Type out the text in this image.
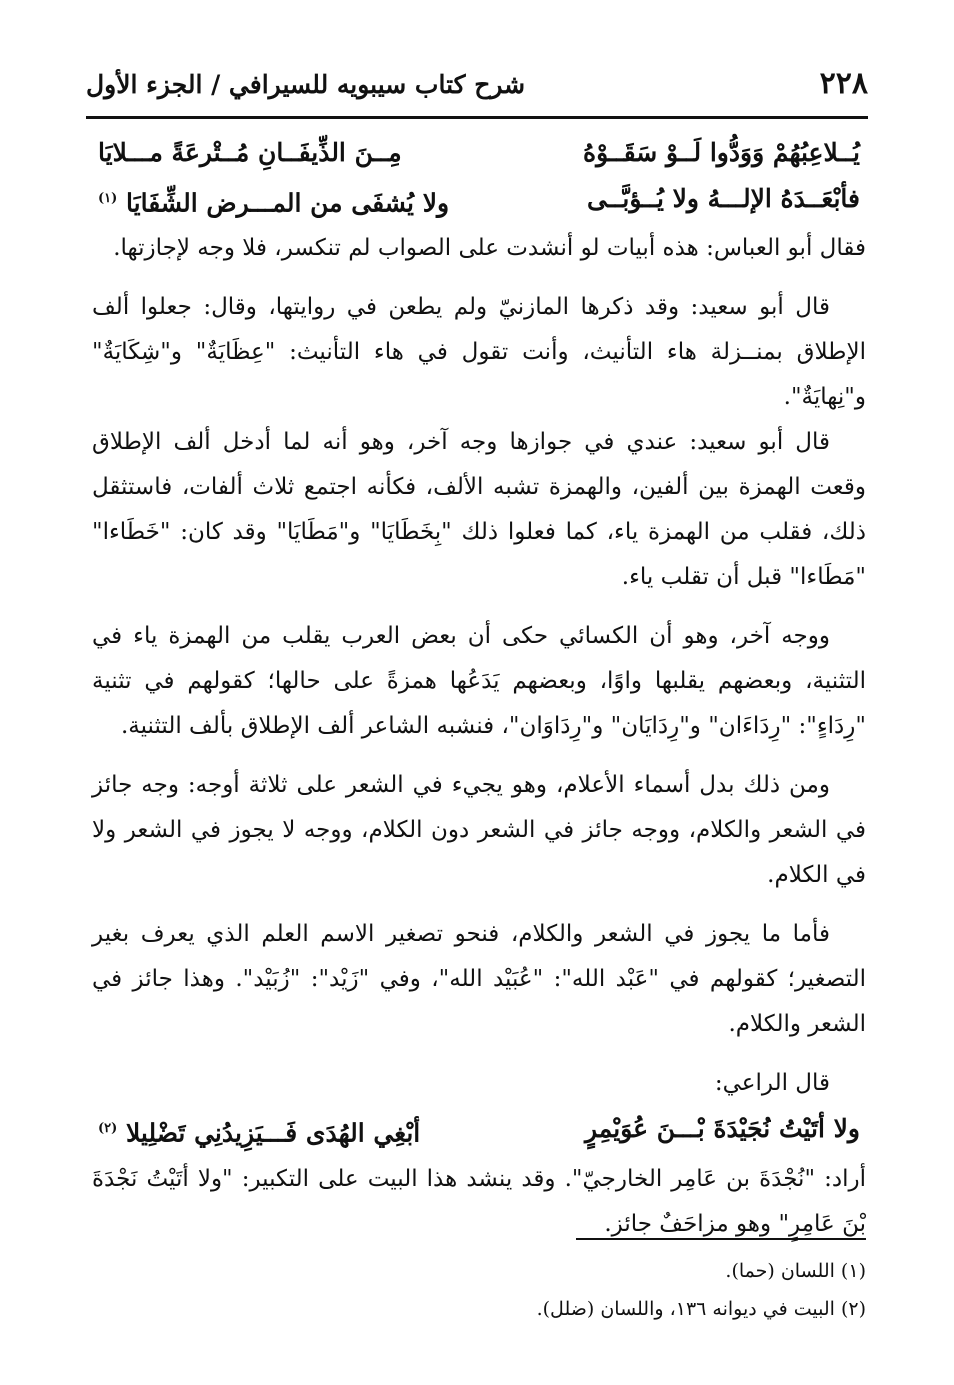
٢٢٨
شرح كتاب سيبويه للسيرافي / الجزء الأول
يُــلاعِبُهُمْ وَوَدُّوا لَــوْ سَقَــوْهُ
مِــنَ الذِّيفَــانِ مُــتْرعَةً مـــلايَا
فأبْعَــدَهُ الإلـــهُ ولا يُــؤبَّــى
ولا يُشفَى من المـــرض الشِّفَايَا $^{(١)}$

فقال أبو العباس: هذه أبيات لو أنشدت على الصواب لم تنكسر، فلا وجه لإجازتها.

قال أبو سعيد: وقد ذكرها المازنيّ ولم يطعن في روايتها، وقال: جعلوا ألف الإطلاق بمنــزلة هاء التأنيث، وأنت تقول في هاء التأنيث: "عِظَايَةٌ" و"شِكَايَةٌ" و"نِهايَةٌ".

قال أبو سعيد: عندي في جوازها وجه آخر، وهو أنه لما أدخل ألف الإطلاق وقعت الهمزة بين ألفين، والهمزة تشبه الألف، فكأنه اجتمع ثلاث ألفات، فاستثقل ذلك، فقلب من الهمزة ياء، كما فعلوا ذلك "بِخَطَايَا" و"مَطَايَا" وقد كان: "خَطَاءا" "مَطَاءا" قبل أن تقلب ياء.

ووجه آخر، وهو أن الكسائي حكى أن بعض العرب يقلب من الهمزة ياء في التثنية، وبعضهم يقلبها واوًا، وبعضهم يَدَعُها همزةً على حالها؛ كقولهم في تثنية "رِدَاءٍ": "رِدَاءَان" و"رِدَايَان" و"رِدَاوَان"، فنشبه الشاعر ألف الإطلاق بألف التثنية.

ومن ذلك بدل أسماء الأعلام، وهو يجيء في الشعر على ثلاثة أوجه: وجه جائز في الشعر والكلام، ووجه جائز في الشعر دون الكلام، ووجه لا يجوز في الشعر ولا في الكلام.

فأما ما يجوز في الشعر والكلام، فنحو تصغير الاسم العلم الذي يعرف بغير التصغير؛ كقولهم في "عَبْد الله": "عُبَيْد الله"، وفي "زَيْد": "زُبَيْد". وهذا جائز في الشعر والكلام.

قال الراعي:

ولا أتَيْتُ نُجَيْدَةَ بْـــنَ عُوَيْمِرٍ
أبْغِي الهُدَى فَـــيَزِيدُنِي تَضْلِيلا $^{(٢)}$

أراد: "نُجْدَةَ بن عَامِر الخارجيّ". وقد ينشد هذا البيت على التكبير: "ولا أتَيْتُ نَجْدَةَ بْنَ عَامِرٍ" وهو مزاحَفٌ جائز.

(١) اللسان (حما).

(٢) البيت في ديوانه ١٣٦، واللسان (ضلل).
